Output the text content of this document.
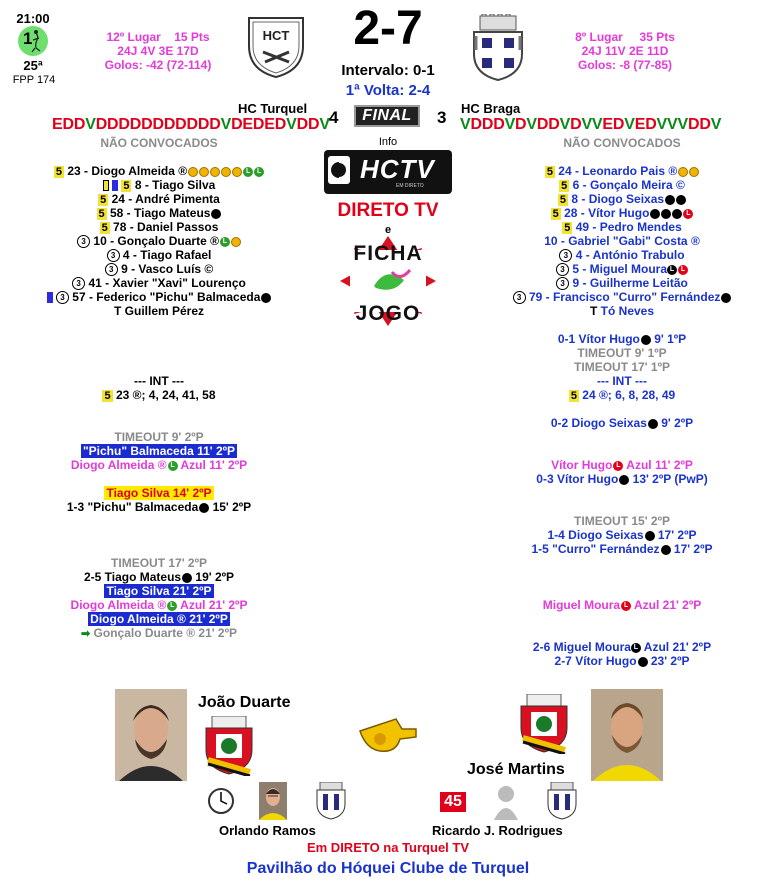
21:00
1
25ª
FPP 174
12º Lugar 15 Pts
24J 4V 3E 17D
Golos: -42 (72-114)
HCT	2-7
Intervalo: 0-1
1ª Volta: 2-4
8º Lugar 35 Pts
24J 11V 2E 11D
Golos: -8 (77-85)
HC Turquel	HC Braga
EDDVDDDDDDDDDDDVDEDEDVDDV	VDDDVDVDDVDVVEDVEDVVVDDV
4	FINAL	3
NÃO CONVOCADOS	Info	NÃO CONVOCADOS
HCTV
EM DIRETO
DIRETO TV
e
FICHA
JOGO
5 23 - Diogo Almeida ®	L L
5 8 - Tiago Silva
5 24 - André Pimenta
5 58 - Tiago Mateus
5 78 - Daniel Passos
3 10 - Gonçalo Duarte ® L
3 4 - Tiago Rafael
3 9 - Vasco Luís ©
3 41 - Xavier "Xavi" Lourenço
3 57 - Federico "Pichu" Balmaceda
T Guillem Pérez
5 24 - Leonardo Pais ®
5 6 - Gonçalo Meira ©
5 8 - Diogo Seixas
5 28 - Vítor Hugo	L
5 49 - Pedro Mendes
10 - Gabriel "Gabi" Costa ®
3 4 - António Trabulo
3 5 - Miguel Moura L L
3 9 - Guilherme Leitão
3 79 - Francisco "Curro" Fernández
T Tó Neves
--- INT ---
5 23 ®; 4, 24, 41, 58
--- INT ---
5 24 ®; 6, 8, 28, 49
TIMEOUT 9' 2ºP
"Pichu" Balmaceda 11' 2ºP
Diogo Almeida ® L Azul 11' 2ºP
Tiago Silva 14' 2ºP
1-3 "Pichu" Balmaceda 15' 2ºP
TIMEOUT 17' 2ºP
2-5 Tiago Mateus 19' 2ºP
Tiago Silva 21' 2ºP
Diogo Almeida ® L Azul 21' 2ºP
Diogo Almeida ® 21' 2ºP
➡ Gonçalo Duarte ® 21' 2ºP
0-1 Vítor Hugo 9' 1ºP
TIMEOUT 9' 1ºP
TIMEOUT 17' 1ºP
0-2 Diogo Seixas 9' 2ºP
Vítor Hugo L Azul 11' 2ºP
0-3 Vítor Hugo 13' 2ºP (PwP)
TIMEOUT 15' 2ºP
1-4 Diogo Seixas 17' 2ºP
1-5 "Curro" Fernández 17' 2ºP
Miguel Moura L Azul 21' 2ºP
2-6 Miguel Moura L Azul 21' 2ºP
2-7 Vítor Hugo 23' 2ºP
João Duarte
José Martins
Orlando Ramos
45
Ricardo J. Rodrigues
Em DIRETO na Turquel TV
Pavilhão do Hóquei Clube de Turquel
